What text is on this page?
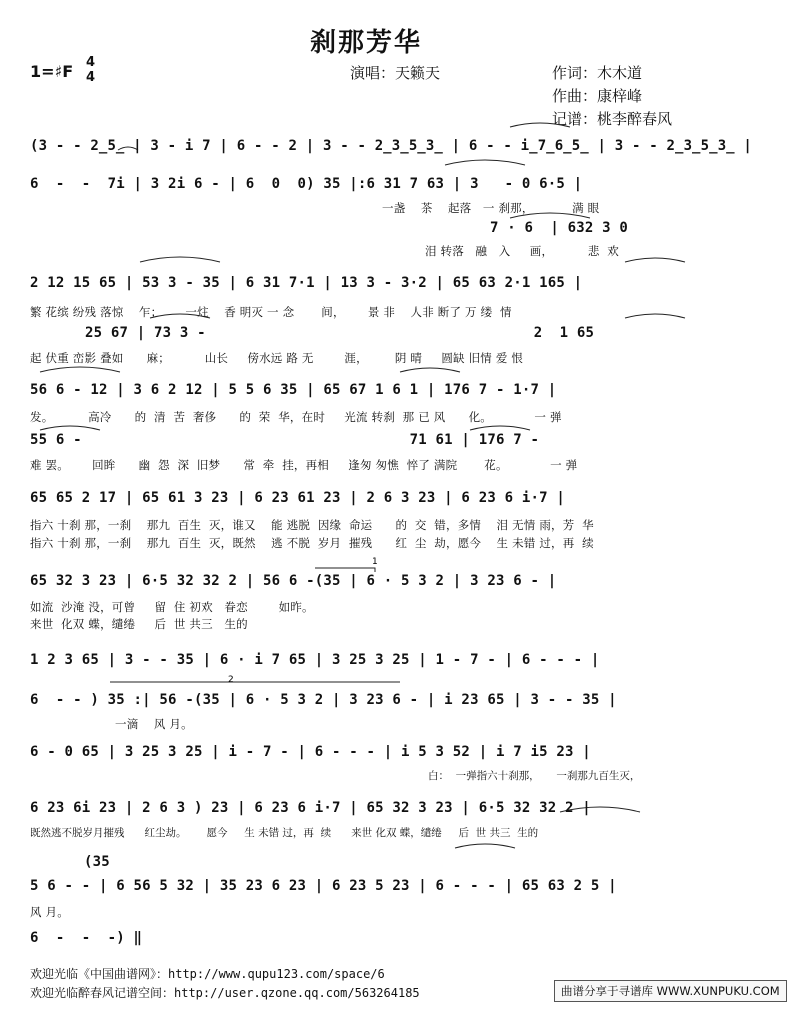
刹那芳华
1=♯F 4
4	演唱：天籁天	作词：木木道
作曲：康梓峰
记谱：桃李醉春风
1
2
(3 - - 2̲5̲ | 3 - i 7 | 6 - - 2 | 3 - - 2̲3̲5̲3̲ | 6 - - i̲7̲6̲5̲ | 3 - - 2̲3̲5̲3̲ |
6  -  -  7i | 3 2i 6 - | 6  0  0) 35 |:6 31 7 63 | 3   - 0 6·5 |
一盏    茶    起落   一 刹那，          满 眼
7 · 6  | 632 3 0
泪 转落   融   入     画，         悲  欢
2 12 15 65 | 53 3 - 35 | 6 31 7·1 | 13 3 - 3·2 | 65 63 2·1 165 |
繁 花缤 纷残 落惊    乍；      一炷    香 明灭 一 念       间，      景 非    人非 断了 万 缕  情
25 67 | 73 3 -                                      2  1 65
起 伏重 峦影 叠如      麻；         山长     傍水远 路 无        涯，       阴 晴     圆缺 旧情 爱 恨
56 6 - 12 | 3 6 2 12 | 5 5 6 35 | 65 67 1 6 1 | 176 7 - 1·7 |
发。         高冷      的  清  苦  奢侈      的  荣  华，在时     光流 转刹  那 已 风      化。           一 弹
55 6 -                                      71 61 | 176 7 -
难 罢。      回眸      幽  怨  深  旧梦      常  牵  挂，再相     逢匆 匆憔  悴了 满院       花。           一 弹
65 65 2 17 | 65 61 3 23 | 6 23 61 23 | 2 6 3 23 | 6 23 6 i·7 |
指六 十刹 那，一刹    那九  百生  灭，谁又    能 逃脱  因缘  命运      的  交  错，多情    泪 无情 雨，芳  华
指六 十刹 那，一刹    那九  百生  灭，既然    逃 不脱  岁月  摧残      红  尘  劫，愿今    生 未错 过，再  续
65 32 3 23 | 6·5 32 32 2 | 56 6 -(35 | 6 · 5 3 2 | 3 23 6 - |
如流  沙淹 没，可曾     留  住 初欢   眷恋        如昨。
来世  化双 蝶，缱绻     后  世 共三   生的
1 2 3 65 | 3 - - 35 | 6 · i 7 65 | 3 25 3 25 | 1 - 7 - | 6 - - - |
6  - - ) 35 :| 56 -(35 | 6 · 5 3 2 | 3 23 6 - | i 23 65 | 3 - - 35 |
一滴    风 月。
6 - 0 65 | 3 25 3 25 | i - 7 - | 6 - - - | i 5 3 52 | i 7 i5 23 |
白：  一弹指六十刹那，     一刹那九百生灭，
6 23 6i 23 | 2 6 3 ) 23 | 6 23 6 i·7 | 65 32 3 23 | 6·5 32 32 2 |
既然逃不脱岁月摧残      红尘劫。      愿今     生 未错 过，再  续      来世 化双 蝶，缱绻     后  世 共三  生的
(35
5 6 - - | 6 56 5 32 | 35 23 6 23 | 6 23 5 23 | 6 - - - | 65 63 2 5 |
风 月。
6  -  -  -) ‖
欢迎光临《中国曲谱网》：http://www.qupu123.com/space/6
欢迎光临醉春风记谱空间：http://user.qzone.qq.com/563264185	曲谱分享于寻谱库 WWW.XUNPUKU.COM
